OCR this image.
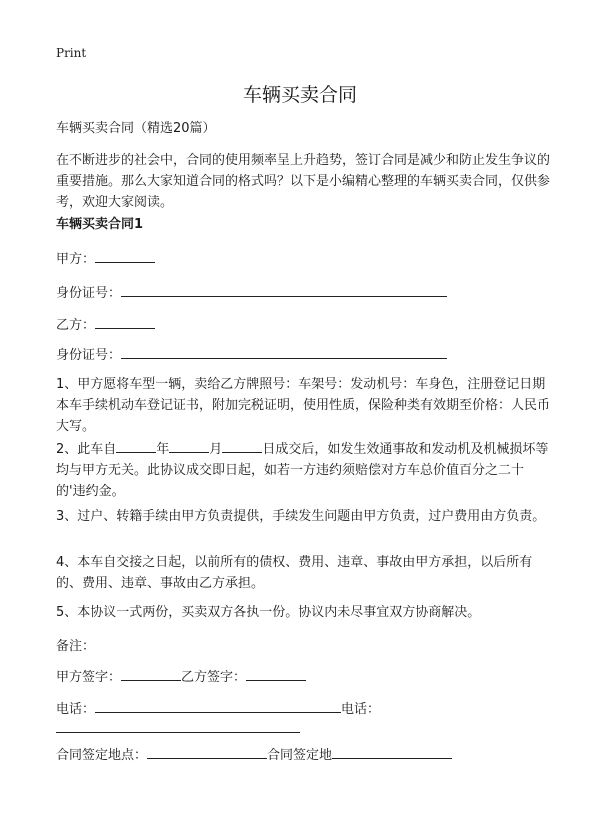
Print
车辆买卖合同

车辆买卖合同（精选20篇）

在不断进步的社会中，合同的使用频率呈上升趋势，签订合同是减少和防止发生争议的重要措施。那么大家知道合同的格式吗？以下是小编精心整理的车辆买卖合同，仅供参考，欢迎大家阅读。

车辆买卖合同1

甲方：

身份证号：

乙方：

身份证号：

1、甲方愿将车型一辆，卖给乙方牌照号：车架号：发动机号：车身色，注册登记日期本车手续机动车登记证书，附加完税证明，使用性质，保险种类有效期至价格：人民币大写。

2、此车自	年	月	日成交后，如发生效通事故和发动机及机械损坏等均与甲方无关。此协议成交即日起，如若一方违约须赔偿对方车总价值百分之二十的'违约金。

3、过户、转籍手续由甲方负责提供，手续发生问题由甲方负责，过户费用由方负责。

4、本车自交接之日起，以前所有的债权、费用、违章、事故由甲方承担，以后所有的、费用、违章、事故由乙方承担。

5、本协议一式两份，买卖双方各执一份。协议内未尽事宜双方协商解决。

备注：

甲方签字：	乙方签字：

电话：	电话：

合同签定地点：	合同签定地
